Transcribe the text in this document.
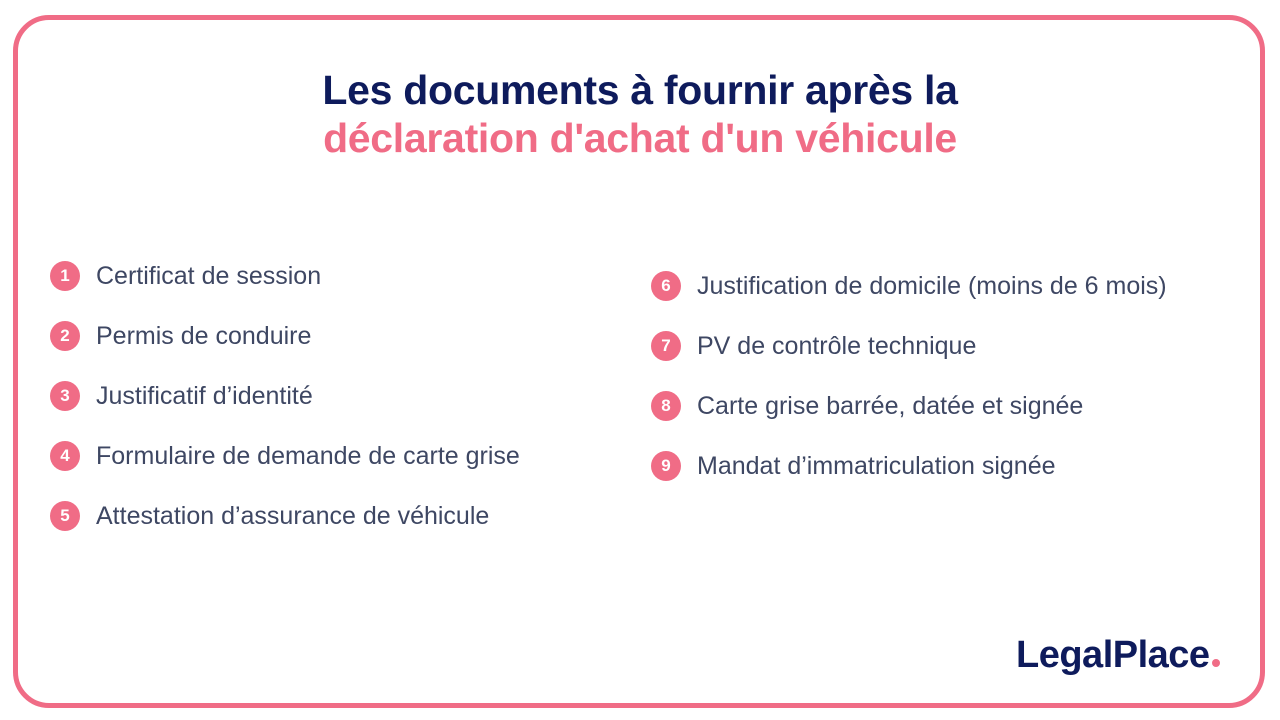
Les documents à fournir après la
déclaration d'achat d'un véhicule
1	Certificat de session
2	Permis de conduire
3	Justificatif d’identité
4	Formulaire de demande de carte grise
5	Attestation d’assurance de véhicule
6	Justification de domicile (moins de 6 mois)
7	PV de contrôle technique
8	Carte grise barrée, datée et signée
9	Mandat d’immatriculation signée
LegalPlace
